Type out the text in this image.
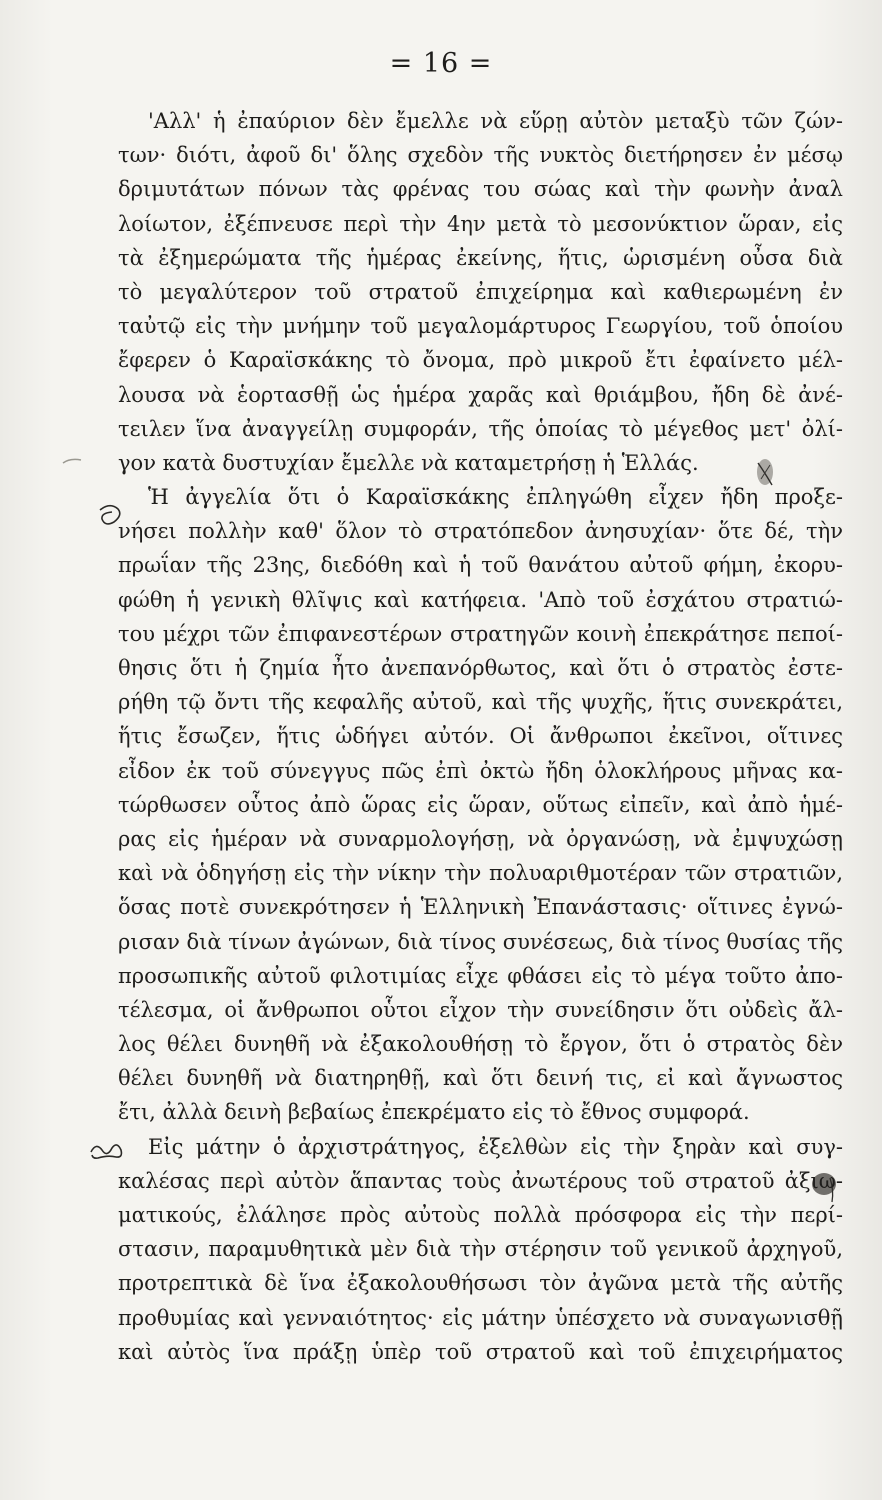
= 16 =
'Αλλ' ἡ ἐπαύριον δὲν ἔμελλε νὰ εὕρῃ αὐτὸν μεταξὺ τῶν ζών-
των· διότι, ἀφοῦ δι' ὅλης σχεδὸν τῆς νυκτὸς διετήρησεν ἐν μέσῳ
δριμυτάτων πόνων τὰς φρένας του σώας καὶ τὴν φωνὴν ἀναλ
λοίωτον, ἐξέπνευσε περὶ τὴν 4ην μετὰ τὸ μεσονύκτιον ὥραν, εἰς
τὰ ἐξημερώματα τῆς ἡμέρας ἐκείνης, ἥτις, ὡρισμένη οὖσα διὰ
τὸ μεγαλύτερον τοῦ στρατοῦ ἐπιχείρημα καὶ καθιερωμένη ἐν
ταὐτῷ εἰς τὴν μνήμην τοῦ μεγαλομάρτυρος Γεωργίου, τοῦ ὁποίου
ἔφερεν ὁ Καραϊσκάκης τὸ ὄνομα, πρὸ μικροῦ ἔτι ἐφαίνετο μέλ-
λουσα νὰ ἑορτασθῇ ὡς ἡμέρα χαρᾶς καὶ θριάμβου, ἤδη δὲ ἀνέ-
τειλεν ἵνα ἀναγγείλῃ συμφοράν, τῆς ὁποίας τὸ μέγεθος μετ' ὀλί-
γον κατὰ δυστυχίαν ἔμελλε νὰ καταμετρήσῃ ἡ Ἑλλάς.
Ἡ ἀγγελία ὅτι ὁ Καραϊσκάκης ἐπληγώθη εἶχεν ἤδη προξε-
νήσει πολλὴν καθ' ὅλον τὸ στρατόπεδον ἀνησυχίαν· ὅτε δέ, τὴν
πρωΐαν τῆς 23ης, διεδόθη καὶ ἡ τοῦ θανάτου αὐτοῦ φήμη, ἐκορυ-
φώθη ἡ γενικὴ θλῖψις καὶ κατήφεια. 'Απὸ τοῦ ἐσχάτου στρατιώ-
του μέχρι τῶν ἐπιφανεστέρων στρατηγῶν κοινὴ ἐπεκράτησε πεποί-
θησις ὅτι ἡ ζημία ἦτο ἀνεπανόρθωτος, καὶ ὅτι ὁ στρατὸς ἐστε-
ρήθη τῷ ὄντι τῆς κεφαλῆς αὐτοῦ, καὶ τῆς ψυχῆς, ἥτις συνεκράτει,
ἥτις ἔσωζεν, ἥτις ὡδήγει αὐτόν. Οἱ ἄνθρωποι ἐκεῖνοι, οἵτινες
εἶδον ἐκ τοῦ σύνεγγυς πῶς ἐπὶ ὀκτὼ ἤδη ὁλοκλήρους μῆνας κα-
τώρθωσεν οὗτος ἀπὸ ὥρας εἰς ὥραν, οὕτως εἰπεῖν, καὶ ἀπὸ ἡμέ-
ρας εἰς ἡμέραν νὰ συναρμολογήσῃ, νὰ ὀργανώσῃ, νὰ ἐμψυχώσῃ
καὶ νὰ ὁδηγήσῃ εἰς τὴν νίκην τὴν πολυαριθμοτέραν τῶν στρατιῶν,
ὅσας ποτὲ συνεκρότησεν ἡ Ἑλληνικὴ Ἐπανάστασις· οἵτινες ἐγνώ-
ρισαν διὰ τίνων ἀγώνων, διὰ τίνος συνέσεως, διὰ τίνος θυσίας τῆς
προσωπικῆς αὐτοῦ φιλοτιμίας εἶχε φθάσει εἰς τὸ μέγα τοῦτο ἀπο-
τέλεσμα, οἱ ἄνθρωποι οὗτοι εἶχον τὴν συνείδησιν ὅτι οὐδεὶς ἄλ-
λος θέλει δυνηθῆ νὰ ἐξακολουθήσῃ τὸ ἔργον, ὅτι ὁ στρατὸς δὲν
θέλει δυνηθῆ νὰ διατηρηθῇ, καὶ ὅτι δεινή τις, εἰ καὶ ἄγνωστος
ἔτι, ἀλλὰ δεινὴ βεβαίως ἐπεκρέματο εἰς τὸ ἔθνος συμφορά.
Εἰς μάτην ὁ ἀρχιστράτηγος, ἐξελθὼν εἰς τὴν ξηρὰν καὶ συγ-
καλέσας περὶ αὐτὸν ἅπαντας τοὺς ἀνωτέρους τοῦ στρατοῦ ἀξιω-
ματικούς, ἐλάλησε πρὸς αὐτοὺς πολλὰ πρόσφορα εἰς τὴν περί-
στασιν, παραμυθητικὰ μὲν διὰ τὴν στέρησιν τοῦ γενικοῦ ἀρχηγοῦ,
προτρεπτικὰ δὲ ἵνα ἐξακολουθήσωσι τὸν ἀγῶνα μετὰ τῆς αὐτῆς
προθυμίας καὶ γενναιότητος· εἰς μάτην ὑπέσχετο νὰ συναγωνισθῇ
καὶ αὐτὸς ἵνα πράξῃ ὑπὲρ τοῦ στρατοῦ καὶ τοῦ ἐπιχειρήματος
